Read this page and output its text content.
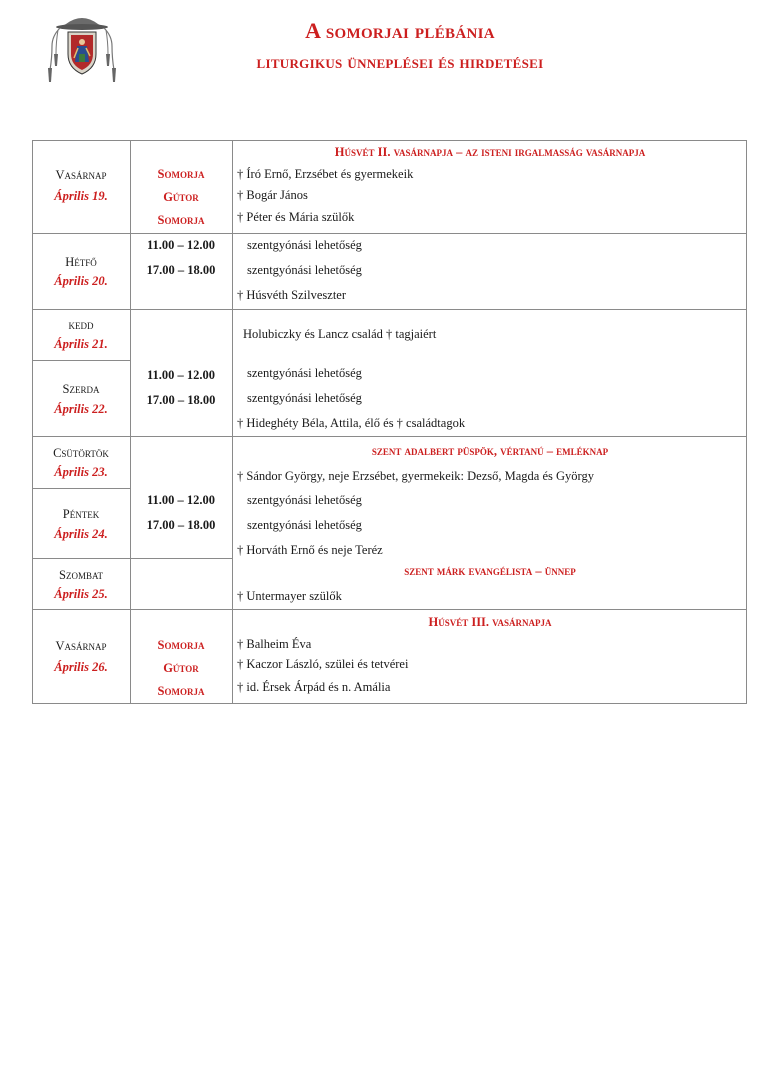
A somorjai plébánia
liturgikus ünneplései és hirdetései
Vasárnap
Április 19.
Somorja
Gútor
Somorja
Húsvét II. vasárnapja – az isteni irgalmasság vasárnapja
† Író Ernő, Erzsébet és gyermekeik
† Bogár János
† Péter és Mária szülők
Hétfő
Április 20.
11.00 – 12.00
17.00 – 18.00
szentgyónási lehetőség
szentgyónási lehetőség
† Húsvéth Szilveszter
kedd
Április 21.
Szerda
Április 22.
11.00 – 12.00
17.00 – 18.00
Holubiczky és Lancz család † tagjaiért
szentgyónási lehetőség
szentgyónási lehetőség
† Hideghéty Béla, Attila, élő és † családtagok
Csütörtök
Április 23.
Péntek
Április 24.
Szombat
Április 25.
11.00 – 12.00
17.00 – 18.00
szent adalbert püspök, vértanú – emléknap
† Sándor György, neje Erzsébet, gyermekeik: Dezső, Magda és György
szentgyónási lehetőség
szentgyónási lehetőség
† Horváth Ernő és neje Teréz
szent márk evangélista – ünnep
† Untermayer szülők
Vasárnap
Április 26.
Somorja
Gútor
Somorja
Húsvét III. vasárnapja
† Balheim Éva
† Kaczor László, szülei és tetvérei
† id. Érsek Árpád és n. Amália
